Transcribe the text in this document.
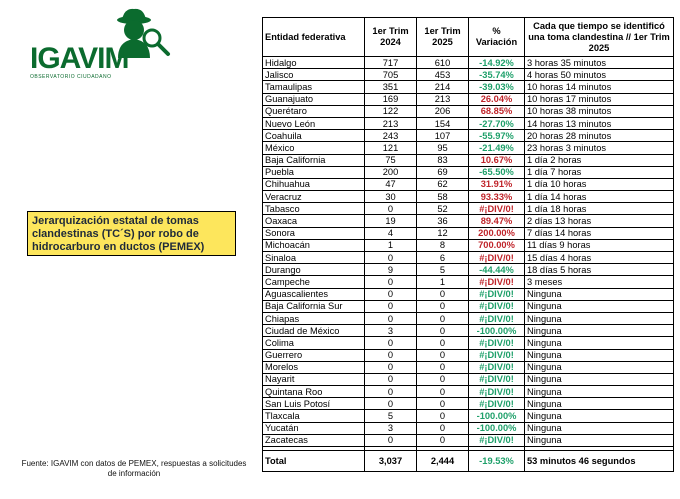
IGAVIM
OBSERVATORIO CIUDADANO
Jerarquización estatal de tomas
clandestinas (TC´S) por robo de
hidrocarburo en ductos (PEMEX)
Fuente: IGAVIM con datos de PEMEX, respuestas a solicitudes de información
Entidad federativa	1er Trim 2024	1er Trim 2025	% Variación	Cada que tiempo se identificó una toma clandestina // 1er Trim 2025
Hidalgo	717	610	-14.92%	3 horas 35 minutos
Jalisco	705	453	-35.74%	4 horas 50 minutos
Tamaulipas	351	214	-39.03%	10 horas 14 minutos
Guanajuato	169	213	26.04%	10 horas 17 minutos
Querétaro	122	206	68.85%	10 horas 38 minutos
Nuevo León	213	154	-27.70%	14 horas 13 minutos
Coahuila	243	107	-55.97%	20 horas 28 minutos
México	121	95	-21.49%	23 horas 3 minutos
Baja California	75	83	10.67%	1 día 2 horas
Puebla	200	69	-65.50%	1 día 7 horas
Chihuahua	47	62	31.91%	1 día 10 horas
Veracruz	30	58	93.33%	1 día 14 horas
Tabasco	0	52	#¡DIV/0!	1 día 18 horas
Oaxaca	19	36	89.47%	2 días 13 horas
Sonora	4	12	200.00%	7 días 14 horas
Michoacán	1	8	700.00%	11 días 9 horas
Sinaloa	0	6	#¡DIV/0!	15 días 4 horas
Durango	9	5	-44.44%	18 días 5 horas
Campeche	0	1	#¡DIV/0!	3 meses
Aguascalientes	0	0	#¡DIV/0!	Ninguna
Baja California Sur	0	0	#¡DIV/0!	Ninguna
Chiapas	0	0	#¡DIV/0!	Ninguna
Ciudad de México	3	0	-100.00%	Ninguna
Colima	0	0	#¡DIV/0!	Ninguna
Guerrero	0	0	#¡DIV/0!	Ninguna
Morelos	0	0	#¡DIV/0!	Ninguna
Nayarit	0	0	#¡DIV/0!	Ninguna
Quintana Roo	0	0	#¡DIV/0!	Ninguna
San Luis Potosí	0	0	#¡DIV/0!	Ninguna
Tlaxcala	5	0	-100.00%	Ninguna
Yucatán	3	0	-100.00%	Ninguna
Zacatecas	0	0	#¡DIV/0!	Ninguna

Total	3,037	2,444	-19.53%	53 minutos 46 segundos
